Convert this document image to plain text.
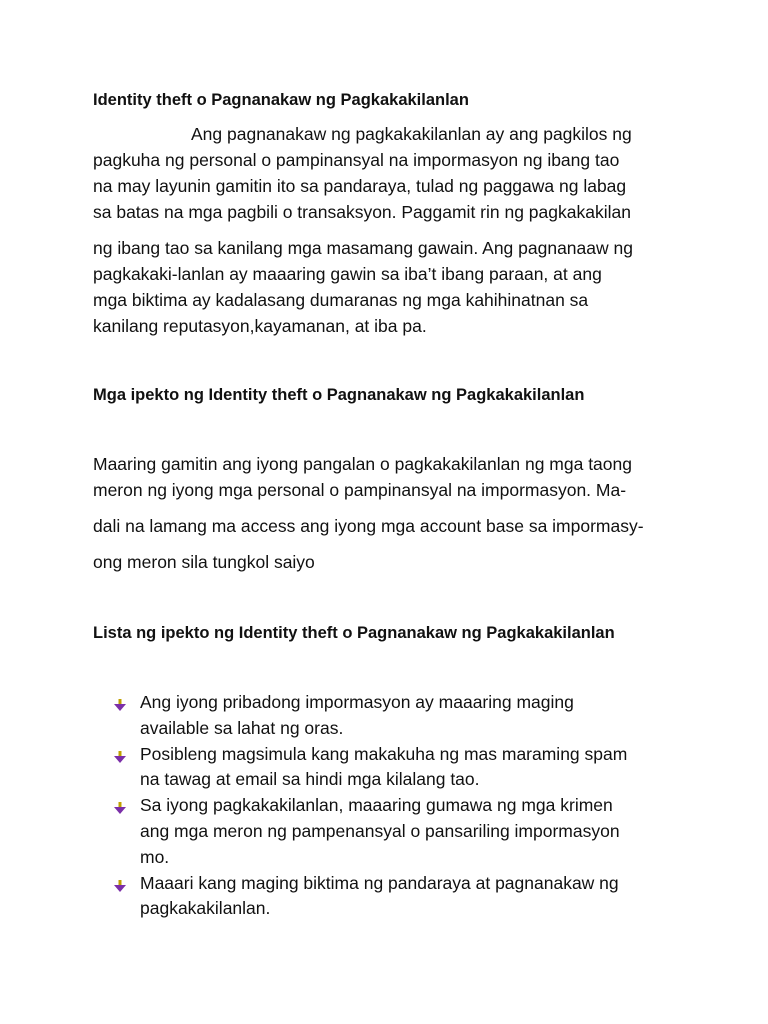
Identity theft o Pagnanakaw ng Pagkakakilanlan
Ang pagnanakaw ng pagkakakilanlan ay ang pagkilos ng
pagkuha ng personal o pampinansyal na impormasyon ng ibang tao
na may layunin gamitin ito sa pandaraya, tulad ng paggawa ng labag
sa batas na mga pagbili o transaksyon. Paggamit rin ng pagkakakilan
ng ibang tao sa kanilang mga masamang gawain. Ang pagnanaaw ng
pagkakaki-lanlan ay maaaring gawin sa iba’t ibang paraan, at ang
mga biktima ay kadalasang dumaranas ng mga kahihinatnan sa
kanilang reputasyon,kayamanan, at iba pa.
Mga ipekto ng Identity theft o Pagnanakaw ng Pagkakakilanlan
Maaring gamitin ang iyong pangalan o pagkakakilanlan ng mga taong
meron ng iyong mga personal o pampinansyal na impormasyon. Ma-
dali na lamang ma access ang iyong mga account base sa impormasy-
ong meron sila tungkol saiyo
Lista ng ipekto ng Identity theft o Pagnanakaw ng Pagkakakilanlan
Ang iyong pribadong impormasyon ay maaaring maging
available sa lahat ng oras.
Posibleng magsimula kang makakuha ng mas maraming spam
na tawag at email sa hindi mga kilalang tao.
Sa iyong pagkakakilanlan, maaaring gumawa ng mga krimen
ang mga meron ng pampenansyal o pansariling impormasyon
mo.
Maaari kang maging biktima ng pandaraya at pagnanakaw ng
pagkakakilanlan.
